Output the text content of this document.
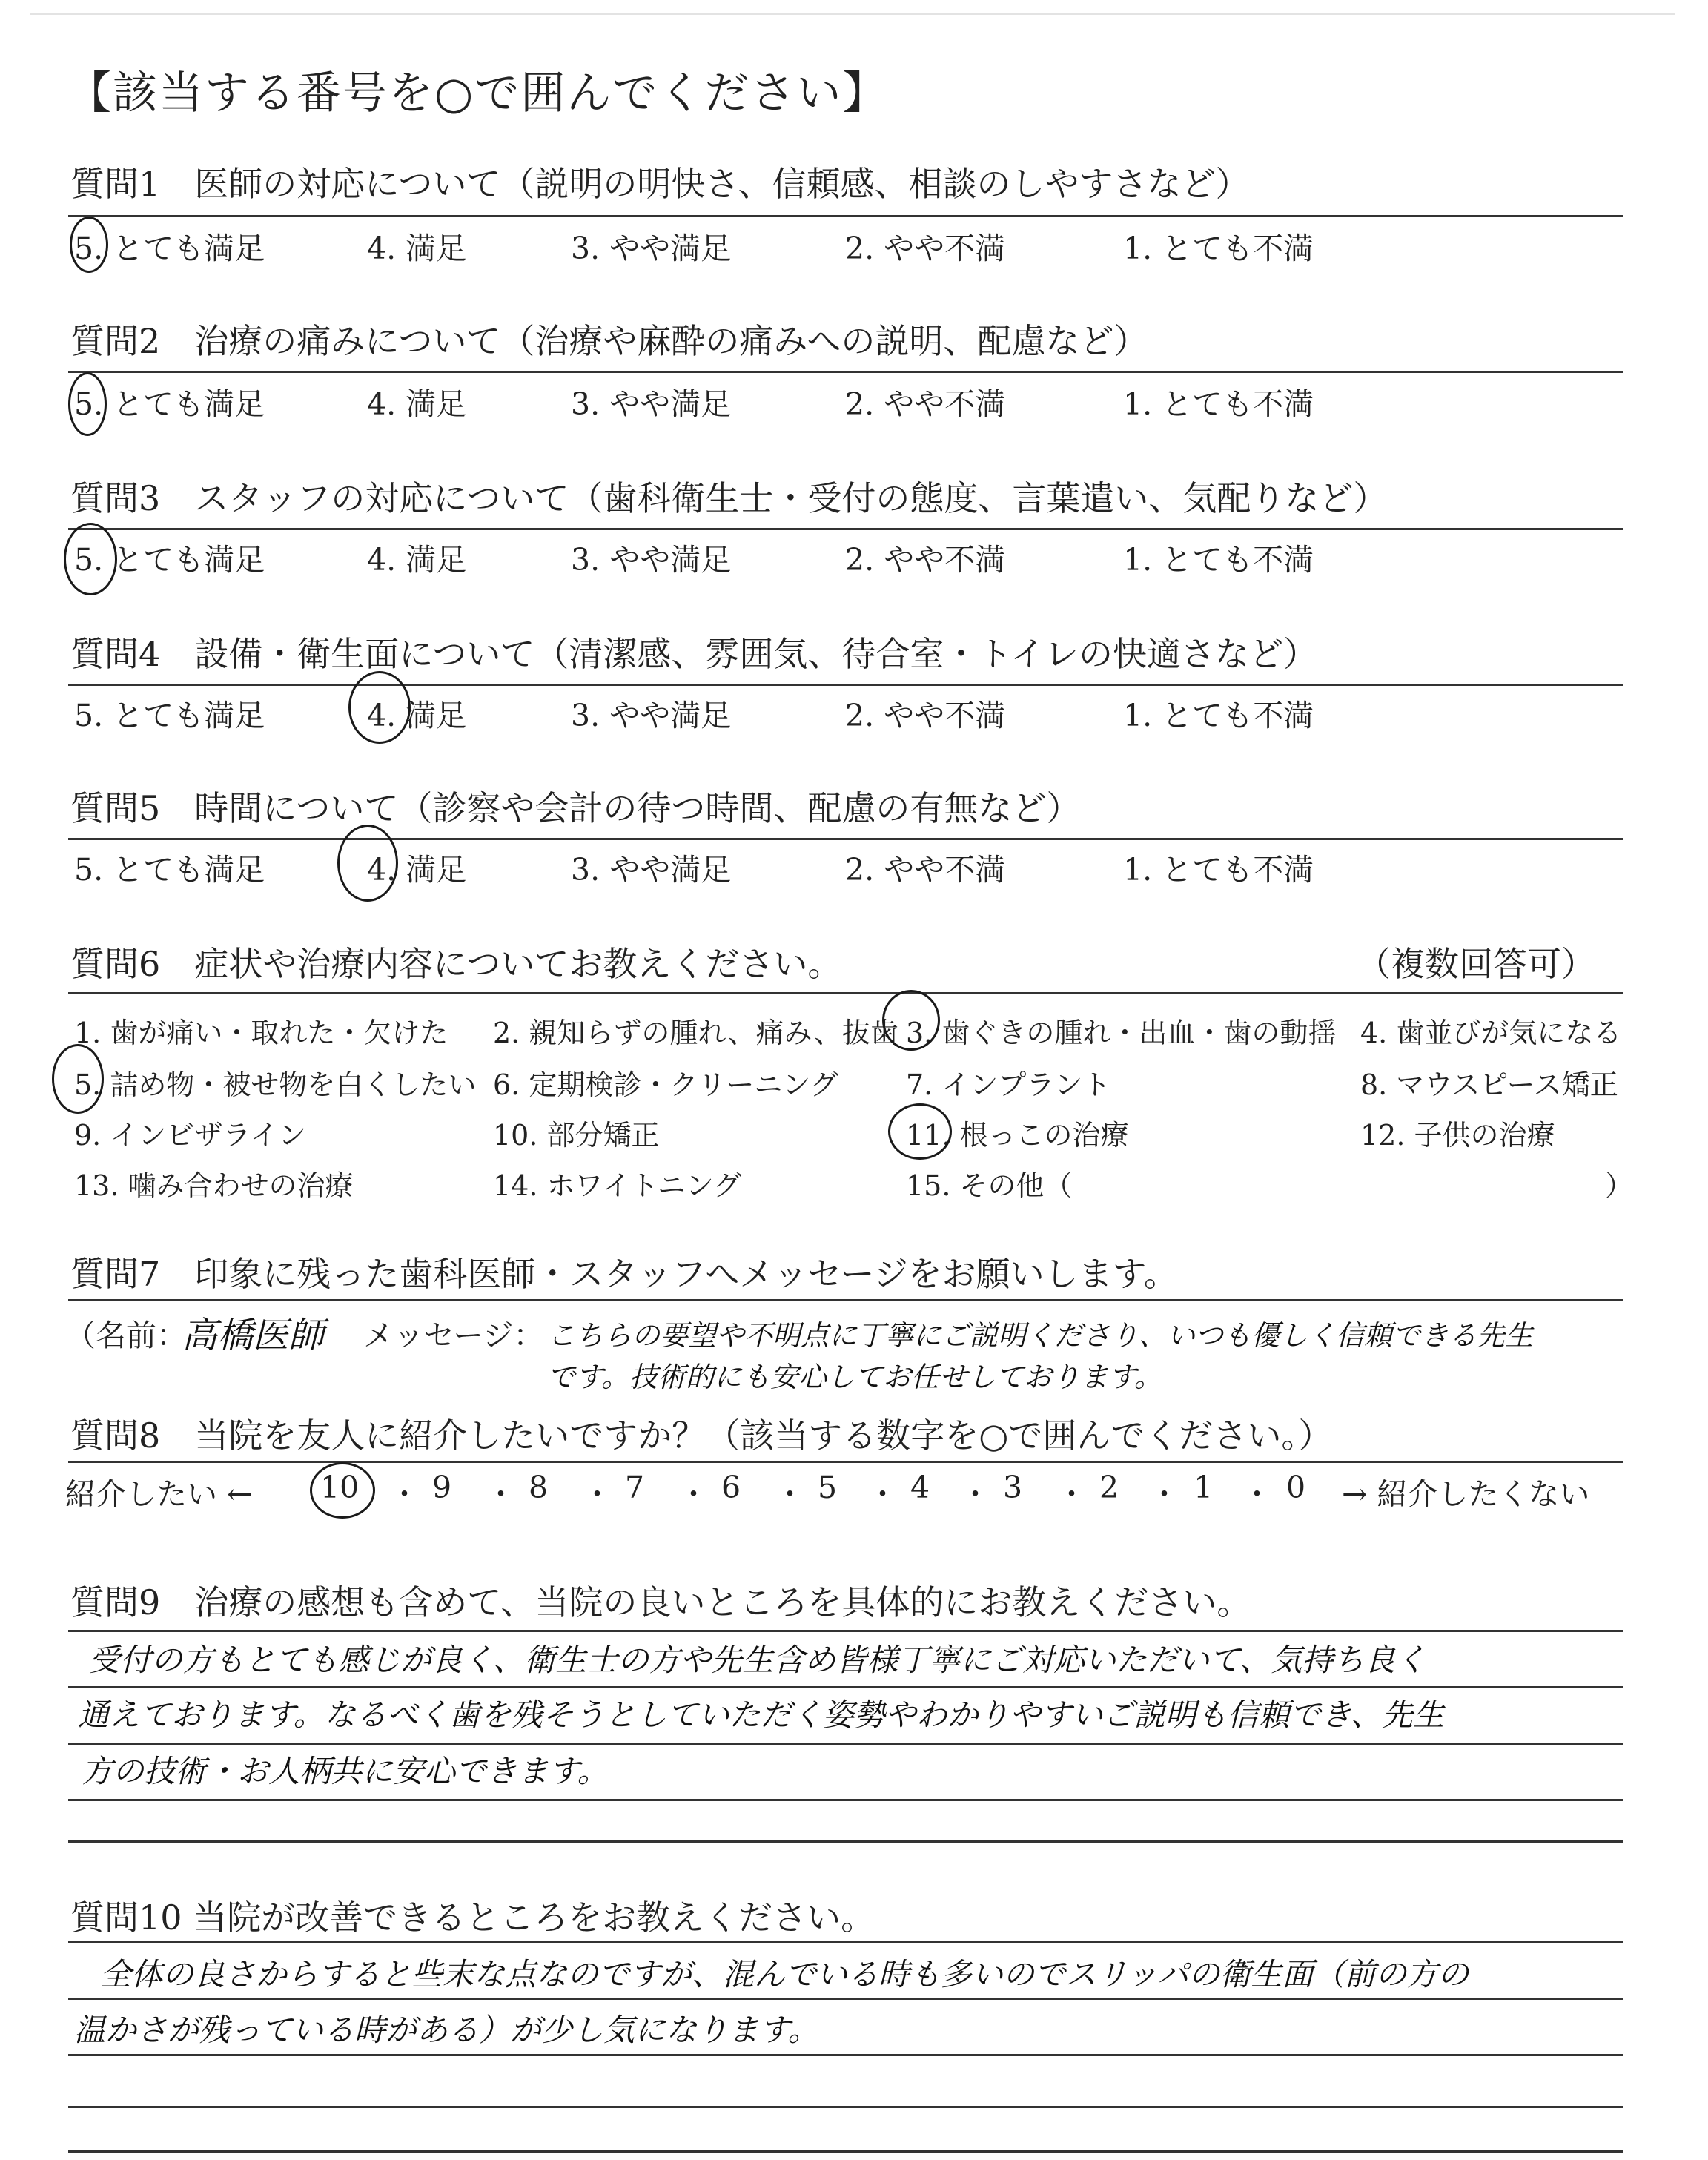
【該当する番号を○で囲んでください】
質問1　医師の対応について（説明の明快さ、信頼感、相談のしやすさなど）
5. とても満足	4. 満足	3. やや満足	2. やや不満	1. とても不満
質問2　治療の痛みについて（治療や麻酔の痛みへの説明、配慮など）
5. とても満足	4. 満足	3. やや満足	2. やや不満	1. とても不満
質問3　スタッフの対応について（歯科衛生士・受付の態度、言葉遣い、気配りなど）
5. とても満足	4. 満足	3. やや満足	2. やや不満	1. とても不満
質問4　設備・衛生面について（清潔感、雰囲気、待合室・トイレの快適さなど）
5. とても満足	4. 満足	3. やや満足	2. やや不満	1. とても不満
質問5　時間について（診察や会計の待つ時間、配慮の有無など）
5. とても満足	4. 満足	3. やや満足	2. やや不満	1. とても不満
質問6　症状や治療内容についてお教えください。	（複数回答可）
1. 歯が痛い・取れた・欠けた 2. 親知らずの腫れ、痛み、抜歯 3. 歯ぐきの腫れ・出血・歯の動揺 4. 歯並びが気になる
5. 詰め物・被せ物を白くしたい 6. 定期検診・クリーニング 7. インプラント	8. マウスピース矯正
9. インビザライン	10. 部分矯正	11. 根っこの治療	12. 子供の治療
13. 噛み合わせの治療	14. ホワイトニング	15. その他（	）
質問7　印象に残った歯科医師・スタッフへメッセージをお願いします。
（名前：
高橋医師 メッセージ： こちらの要望や不明点に丁寧にご説明くださり、いつも優しく信頼できる先生
です。技術的にも安心してお任せしております。
質問8　当院を友人に紹介したいですか？（該当する数字を○で囲んでください。）
紹介したい ←	→ 紹介したくない
10 9	8	7	6	5 4 3	2 1 0
・ ・ ・ ・ ・ ・ ・ ・ ・ ・
質問9　治療の感想も含めて、当院の良いところを具体的にお教えください。
受付の方もとても感じが良く、衛生士の方や先生含め皆様丁寧にご対応いただいて、気持ち良く
通えております。なるべく歯を残そうとしていただく姿勢やわかりやすいご説明も信頼でき、先生
方の技術・お人柄共に安心できます。
質問10 当院が改善できるところをお教えください。
全体の良さからすると些末な点なのですが、混んでいる時も多いのでスリッパの衛生面（前の方の
温かさが残っている時がある）が少し気になります。
